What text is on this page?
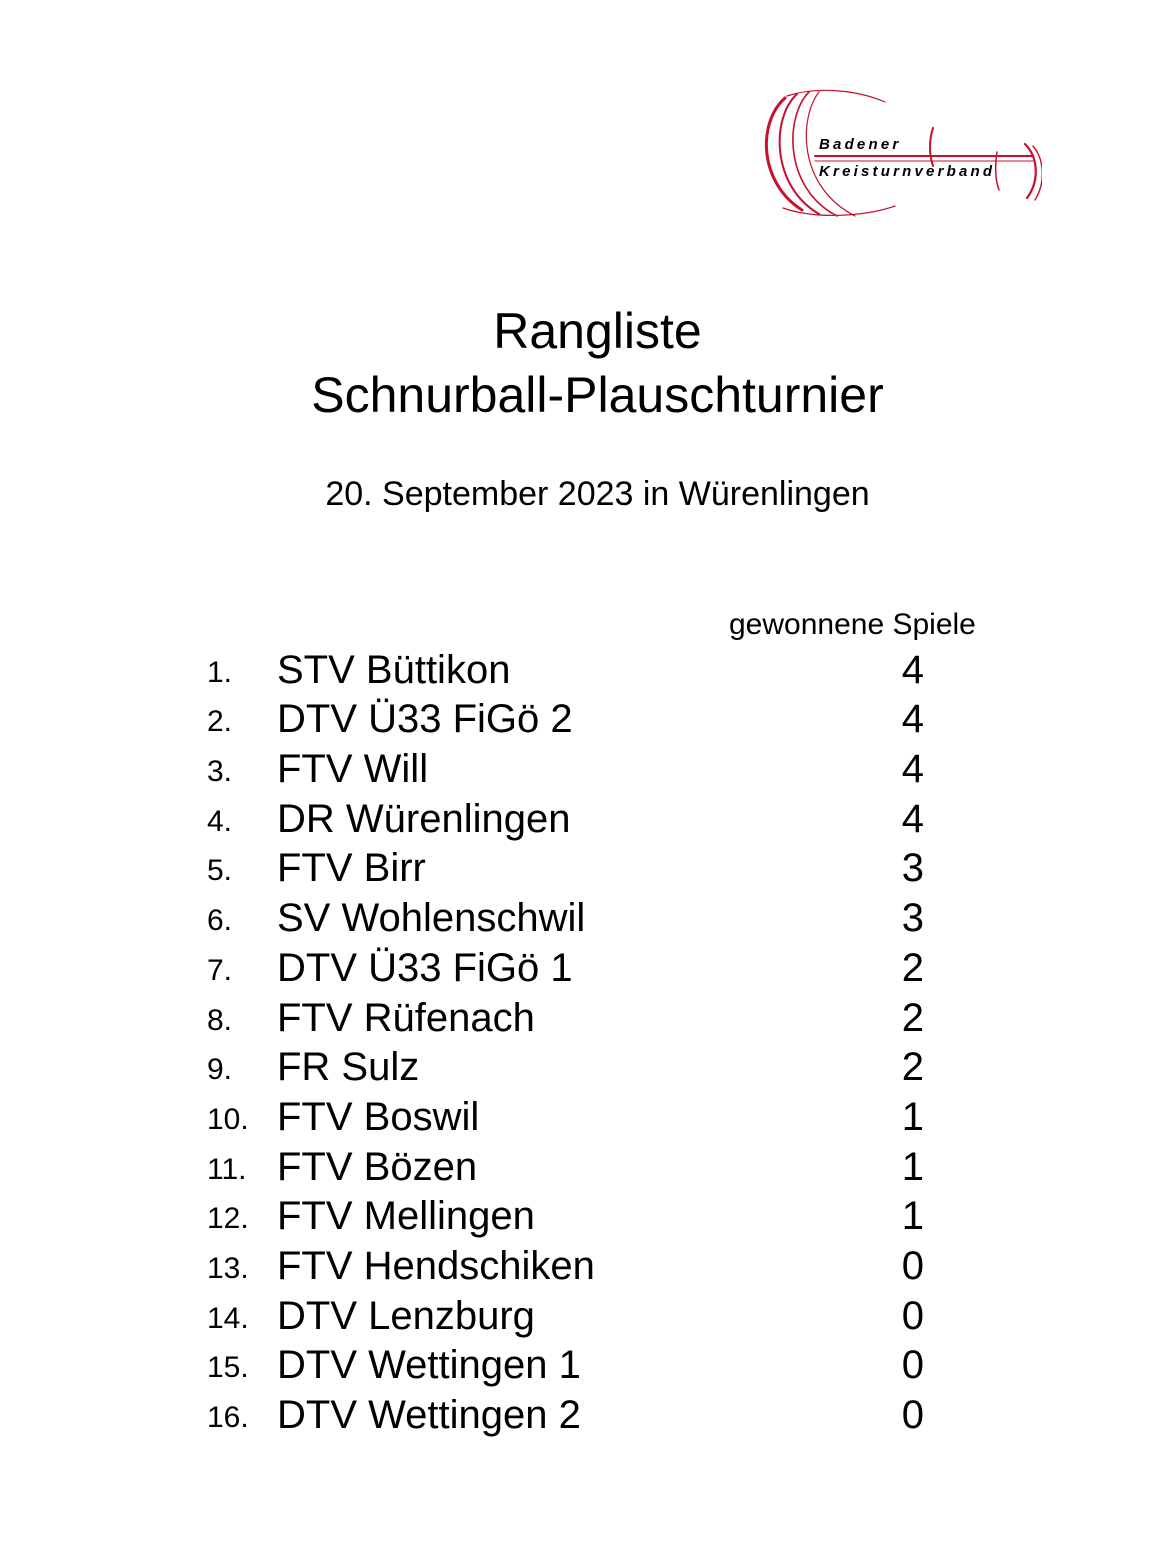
Badener
Kreisturnverband
Rangliste
Schnurball-Plauschturnier
20. September 2023 in Würenlingen
gewonnene Spiele
1. STV Büttikon	4
2. DTV Ü33 FiGö 2	4
3. FTV Will	4
4. DR Würenlingen	4
5. FTV Birr	3
6. SV Wohlenschwil	3
7. DTV Ü33 FiGö 1	2
8. FTV Rüfenach	2
9. FR Sulz	2
10. FTV Boswil	1
11. FTV Bözen	1
12. FTV Mellingen	1
13. FTV Hendschiken	0
14. DTV Lenzburg	0
15. DTV Wettingen 1	0
16. DTV Wettingen 2	0
